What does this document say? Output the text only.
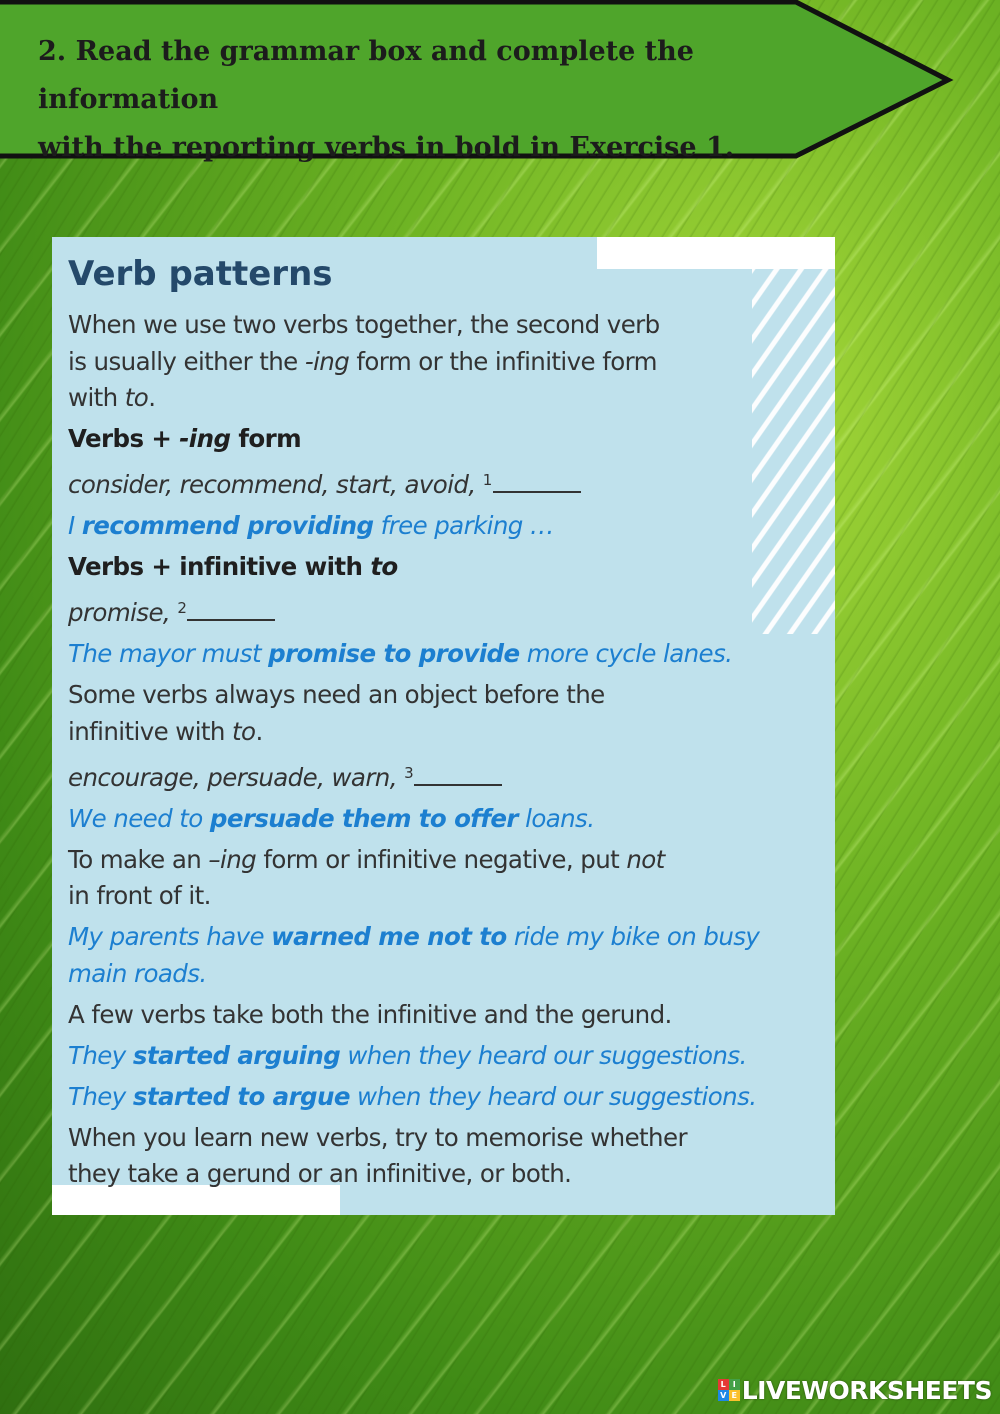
2. Read the grammar box and complete the information
with the reporting verbs in bold in Exercise 1.
Verb patterns

When we use two verbs together, the second verb

is usually either the -ing form or the infinitive form

with to.

Verbs + -ing form

consider, recommend, start, avoid, $^1$

I recommend providing free parking …

Verbs + infinitive with to

promise, $^2$

The mayor must promise to provide more cycle lanes.

Some verbs always need an object before the

infinitive with to.

encourage, persuade, warn, $^3$

We need to persuade them to offer loans.

To make an –ing form or infinitive negative, put not

in front of it.

My parents have warned me not to ride my bike on busy

main roads.

A few verbs take both the infinitive and the gerund.

They started arguing when they heard our suggestions.

They started to argue when they heard our suggestions.

When you learn new verbs, try to memorise whether

they take a gerund or an infinitive, or both.

L I
V E LIVEWORKSHEETS
